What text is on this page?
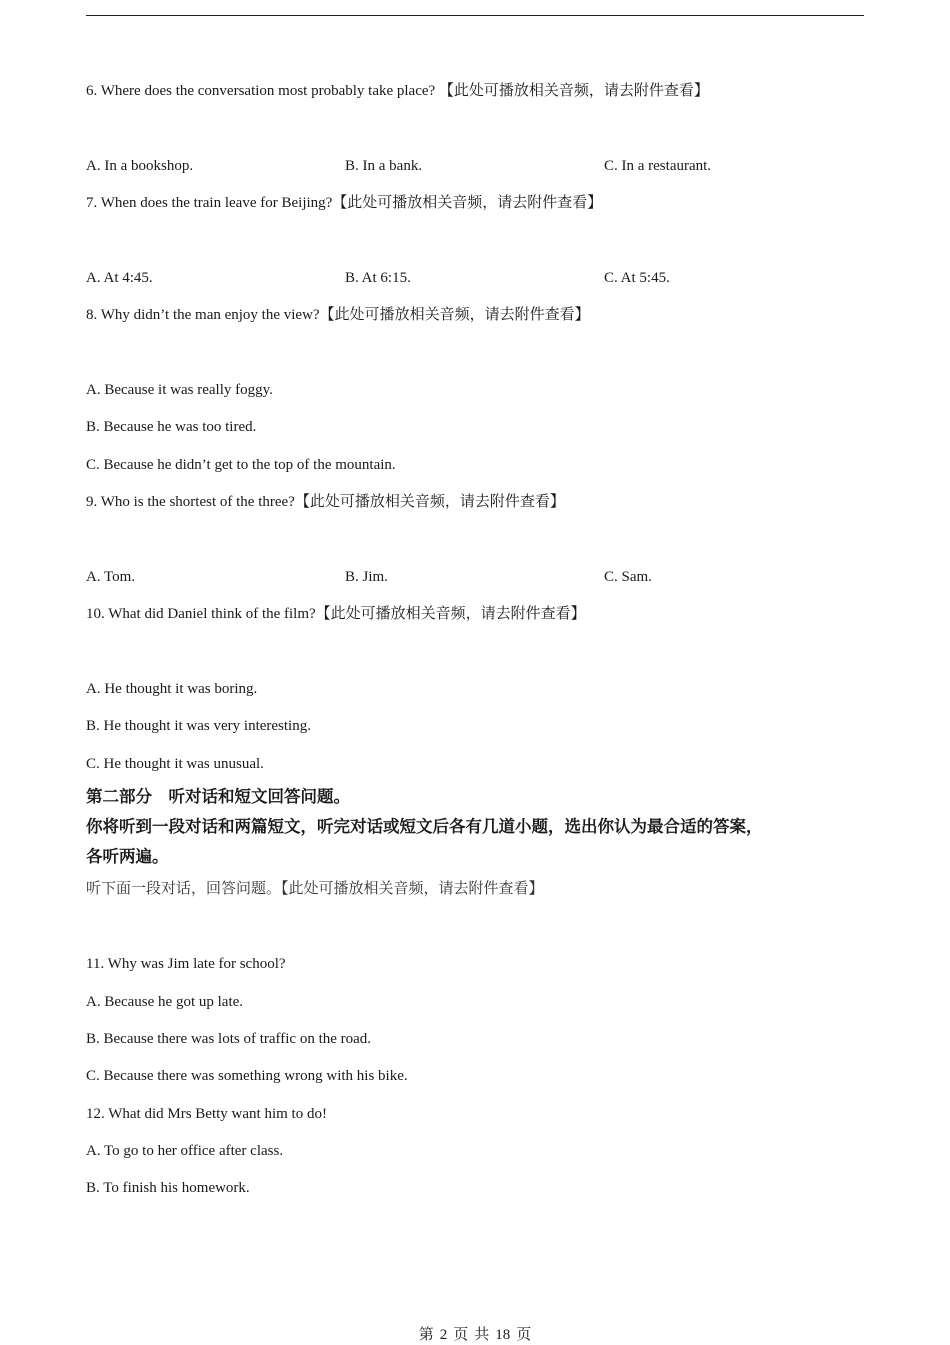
6. Where does the conversation most probably take place? 【此处可播放相关音频，请去附件查看】
A. In a bookshop.	B. In a bank.	C. In a restaurant.
7. When does the train leave for Beijing?【此处可播放相关音频，请去附件查看】
A. At 4:45.	B. At 6:15.	C. At 5:45.
8. Why didn’t the man enjoy the view?【此处可播放相关音频，请去附件查看】
A. Because it was really foggy.
B. Because he was too tired.
C. Because he didn’t get to the top of the mountain.
9. Who is the shortest of the three?【此处可播放相关音频，请去附件查看】
A. Tom.	B. Jim.	C. Sam.
10. What did Daniel think of the film?【此处可播放相关音频，请去附件查看】
A. He thought it was boring.
B. He thought it was very interesting.
C. He thought it was unusual.
第二部分　听对话和短文回答问题。
你将听到一段对话和两篇短文，听完对话或短文后各有几道小题，选出你认为最合适的答案，
各听两遍。
听下面一段对话，回答问题。【此处可播放相关音频，请去附件查看】
11. Why was Jim late for school?
A. Because he got up late.
B. Because there was lots of traffic on the road.
C. Because there was something wrong with his bike.
12. What did Mrs Betty want him to do!
A. To go to her office after class.
B. To finish his homework.
第 2 页 共 18 页
